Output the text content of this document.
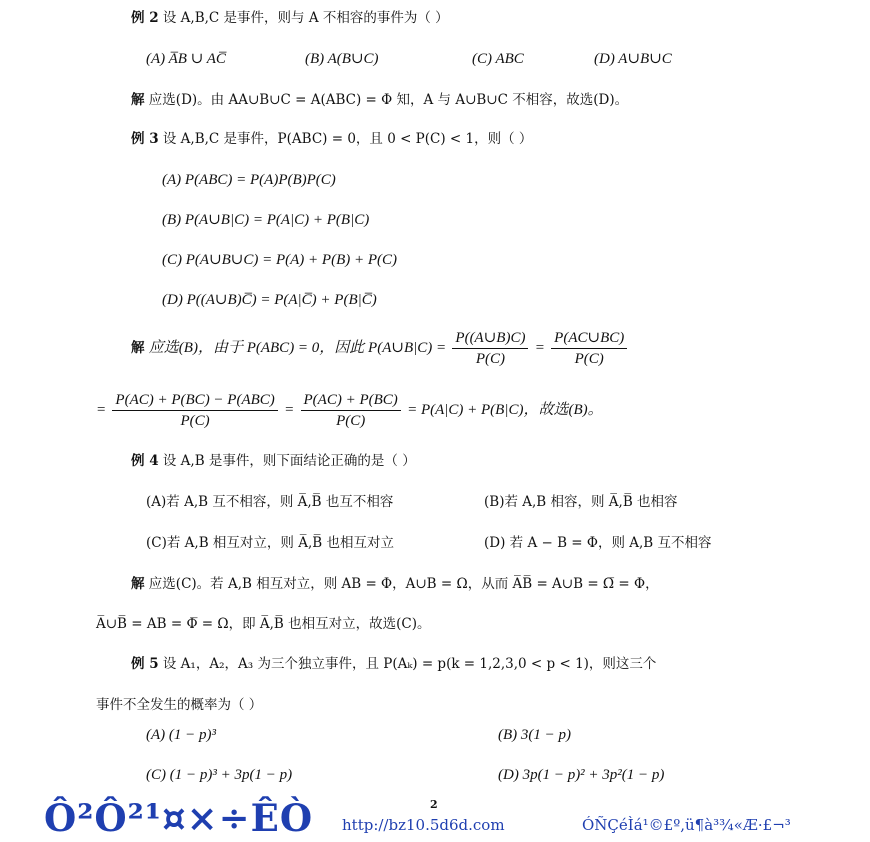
例 2 设 A,B,C 是事件，则与 A 不相容的事件为（ ）
(A) A̅B ∪ AC̅	(B) A(B∪C)	(C) ABC	(D) A∪B∪C
解 应选(D)。由 AA∪B∪C = A(ABC) = Φ 知，A 与 A∪B∪C 不相容，故选(D)。
例 3 设 A,B,C 是事件，P(ABC) = 0，且 0 < P(C) < 1，则（ ）
(A) P(ABC) = P(A)P(B)P(C)
(B) P(A∪B|C) = P(A|C) + P(B|C)
(C) P(A∪B∪C) = P(A) + P(B) + P(C)
(D) P((A∪B)C̅) = P(A|C̅) + P(B|C̅)
解 应选(B)，由于 P(ABC) = 0，因此 P(A∪B|C) = $\frac{P((A\cup B)C)}{P(C)} = \frac{P(AC\cup BC)}{P(C)}$
= $\frac{\text{P(AC) + P(BC) − P(ABC)}}{P(C)} = \frac{P(AC) + P(BC)}{P(C)} = P(A|C) + P(B|C)$，故选(B)。
例 4 设 A,B 是事件，则下面结论正确的是（ ）
(A)若 A,B 互不相容，则 A̅,B̅ 也互不相容	(B)若 A,B 相容，则 A̅,B̅ 也相容
(C)若 A,B 相互对立，则 A̅,B̅ 也相互对立	(D) 若 A − B = Φ，则 A,B 互不相容
解 应选(C)。若 A,B 相互对立，则 AB = Φ，A∪B = Ω，从而 A̅B̅ = A∪B = Ω̅ = Φ，
A̅∪B̅ = AB = Φ̅ = Ω，即 A̅,B̅ 也相互对立，故选(C)。
例 5 设 A₁，A₂，A₃ 为三个独立事件，且 P(Aₖ) = p(k = 1,2,3,0 < p < 1)，则这三个
事件不全发生的概率为（ ）
(A) (1 − p)³	(B) 3(1 − p)
(C) (1 − p)³ + 3p(1 − p)	(D) 3p(1 − p)² + 3p²(1 − p)
2
Ô²Ô²¹¤×÷ÊÒ http://bz10.5d6d.com	ÓÑÇéÌá¹©£º,ü¶à³¾«Æ·£¬³
